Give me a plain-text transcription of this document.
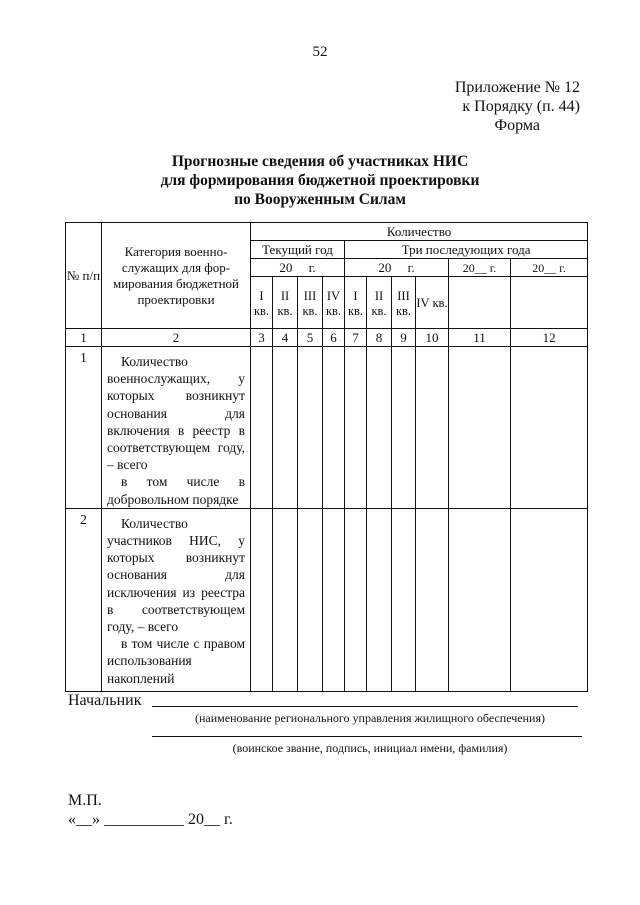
52
Приложение № 12
к Порядку (п. 44)
Форма
Прогнозные сведения об участниках НИС
для формирования бюджетной проектировки
по Вооруженным Силам
№ п/п	Категория военно-служащих для фор-мирования бюджетной проектировки	Количество									
		Текущий год				Три последующих года					
		20     г.				20     г.				20__ г.	20__ г.
		I кв.	II кв.	III кв.	IV кв.	I кв.	II кв.	III кв.	IV кв.		
1	2	3	4	5	6	7	8	9	10	11	12
1	Количество военнослужащих, у которых возникнут основания для включения в реестр в соответствующем году, – всего
в том числе в добровольном порядке										

2	Количество участников НИС, у которых возникнут основания для исключения из реестра в соответствующем году, – всего
в том числе с правом использования накоплений										

Начальник
(наименование регионального управления жилищного обеспечения)
(воинское звание, подпись, инициал имени, фамилия)
М.П.
«__» __________ 20__ г.
